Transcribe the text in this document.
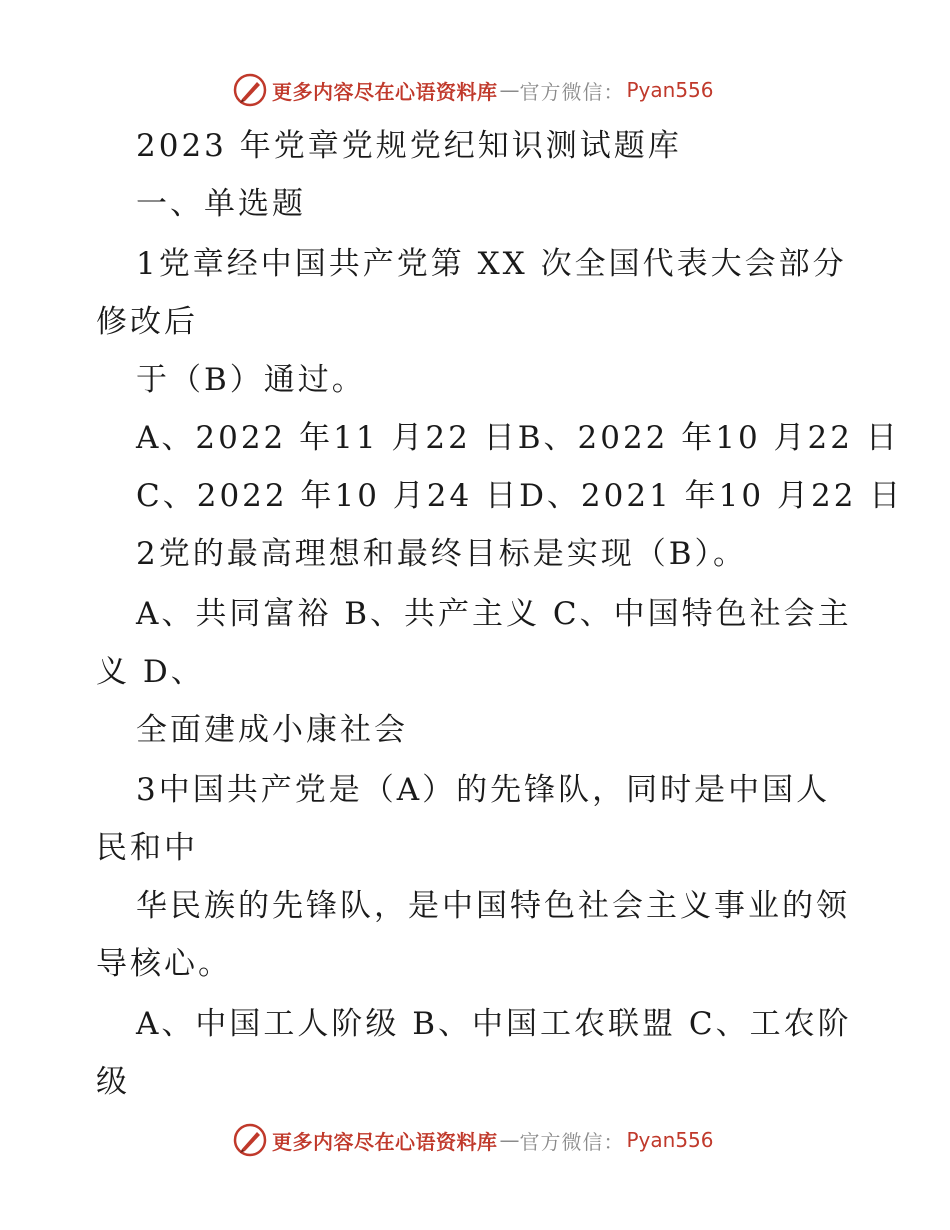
更多内容尽在心语资料库 — 官方微信： Pyan556
2023 年党章党规党纪知识测试题库
一、单选题
1党章经中国共产党第 XX 次全国代表大会部分
修改后
于（B）通过。
A、2022 年11 月22 日B、2022 年10 月22 日
C、2022 年10 月24 日D、2021 年10 月22 日
2党的最高理想和最终目标是实现（B）。
A、共同富裕 B、共产主义 C、中国特色社会主
义 D、
全面建成小康社会
3中国共产党是（A）的先锋队，同时是中国人
民和中
华民族的先锋队，是中国特色社会主义事业的领
导核心。
A、中国工人阶级 B、中国工农联盟 C、工农阶
级
更多内容尽在心语资料库 — 官方微信： Pyan556
